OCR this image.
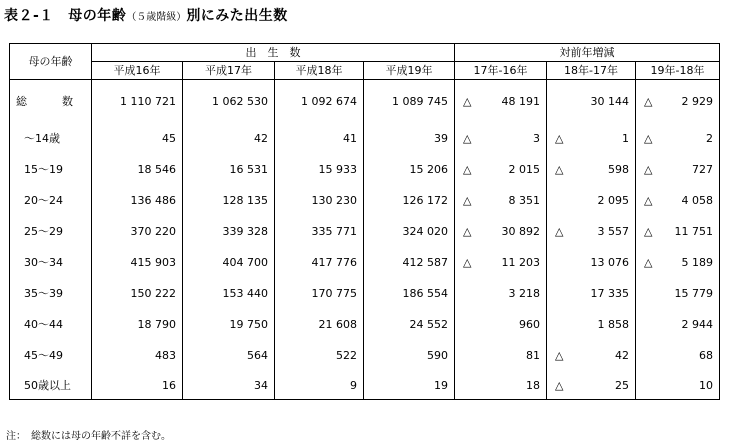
表２-１　母の年齢（５歳階級）別にみた出生数
母の年齢	出　生　数				対前年増減		
	平成16年	平成17年	平成18年	平成19年	17年-16年	18年-17年	19年-18年
総　数	1 110 721	1 062 530	1 092 674	1 089 745	△ 48 191	30 144	△ 2 929
～14歳	45	42	41	39	△ 3	△ 1	△ 2
15～19	18 546	16 531	15 933	15 206	△ 2 015	△ 598	△ 727
20～24	136 486	128 135	130 230	126 172	△ 8 351	2 095	△ 4 058
25～29	370 220	339 328	335 771	324 020	△ 30 892	△ 3 557	△ 11 751
30～34	415 903	404 700	417 776	412 587	△ 11 203	13 076	△ 5 189
35～39	150 222	153 440	170 775	186 554	3 218	17 335	15 779
40～44	18 790	19 750	21 608	24 552	960	1 858	2 944
45～49	483	564	522	590	81	△ 42	68
50歳以上	16	34	9	19	18	△ 25	10
注：　総数には母の年齢不詳を含む。
